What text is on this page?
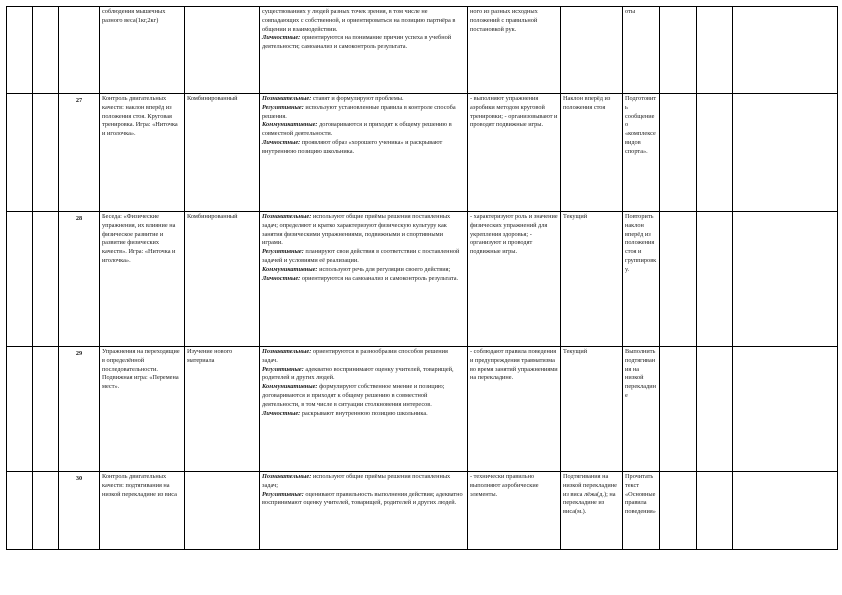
			соблюдения мышечных разного веса(1кг,2кг)		существованиях у людей разных точек зрения, в том числе не совпадающих с собственной, и ориентироваться на позицию партнёра в общении и взаимодействии.
Личностные: ориентируются на понимание причин успеха в учебной деятельности; самоанализ и самоконтроль результата.	ного из разных исходных положений с правильной постановкой рук.		оты			
		27	Контроль двигательных качеств: наклон вперёд из положения стоя. Круговая тренировка. Игра: «Ниточка и иголочка».	Комбинированный	Познавательные: ставят и формулируют проблемы.
Регулятивные: используют установленные правила в контроле способа решения.
Коммуникативные: договариваются и приходят к общему решению в совместной деятельности.
Личностные: проявляют образ «хорошего ученика» и раскрывают внутреннюю позицию школьника.	- выполняют упражнения аэробики методом круговой тренировки; - организовывают и проводят подвижные игры.	Наклон вперёд из положения стоя	Подготовить сообщение о «комплексе видов спорта».			
		28	Беседа: «Физические упражнения, их влияние на физическое развитие и развитие физических качеств». Игра: «Ниточка и иголочка».	Комбинированный	Познавательные: используют общие приёмы решения поставленных задач; определяют и кратко характеризуют физическую культуру как занятия физическими упражнениями, подвижными и спортивными играми.
Регулятивные: планируют свои действия в соответствии с поставленной задачей и условиями её реализации.
Коммуникативные: используют речь для регуляции своего действия;
Личностные: ориентируются на самоанализ и самоконтроль результата.	- характеризуют роль и значение физических упражнений для укрепления здоровья; - организуют и проводят подвижные игры.	Текущий	Повторить наклон вперёд из положения стоя и группировку.			
		29	Упражнения на переходящие в определённой последовательности. Подвижная игра: «Перемена мест».	Изучение нового материала	Познавательные: ориентируются в разнообразии способов решения задач.
Регулятивные: адекватно воспринимают оценку учителей, товарищей, родителей и других людей.
Коммуникативные: формулируют собственное мнение и позицию; договариваются и приходят к общему решению в совместной деятельности, в том числе в ситуации столкновения интересов.
Личностные: раскрывают внутреннюю позицию школьника.	- соблюдают правила поведения и предупреждения травматизма во время занятий упражнениями на перекладине.	Текущий	Выполнить подтягивания на низкой перекладине			
		30	Контроль двигательных качеств: подтягивания на низкой перекладине из виса		Познавательные: используют общие приёмы решения поставленных задач;
Регулятивные: оценивают правильность выполнения действия; адекватно воспринимают оценку учителей, товарищей, родителей и других людей.	- технически правильно выполняют аэробические элементы.	Подтягивания на низкой перекладине из виса лёжа(д.); на перекладине из виса(м.).	Прочитать текст «Основные правила поведения»			
